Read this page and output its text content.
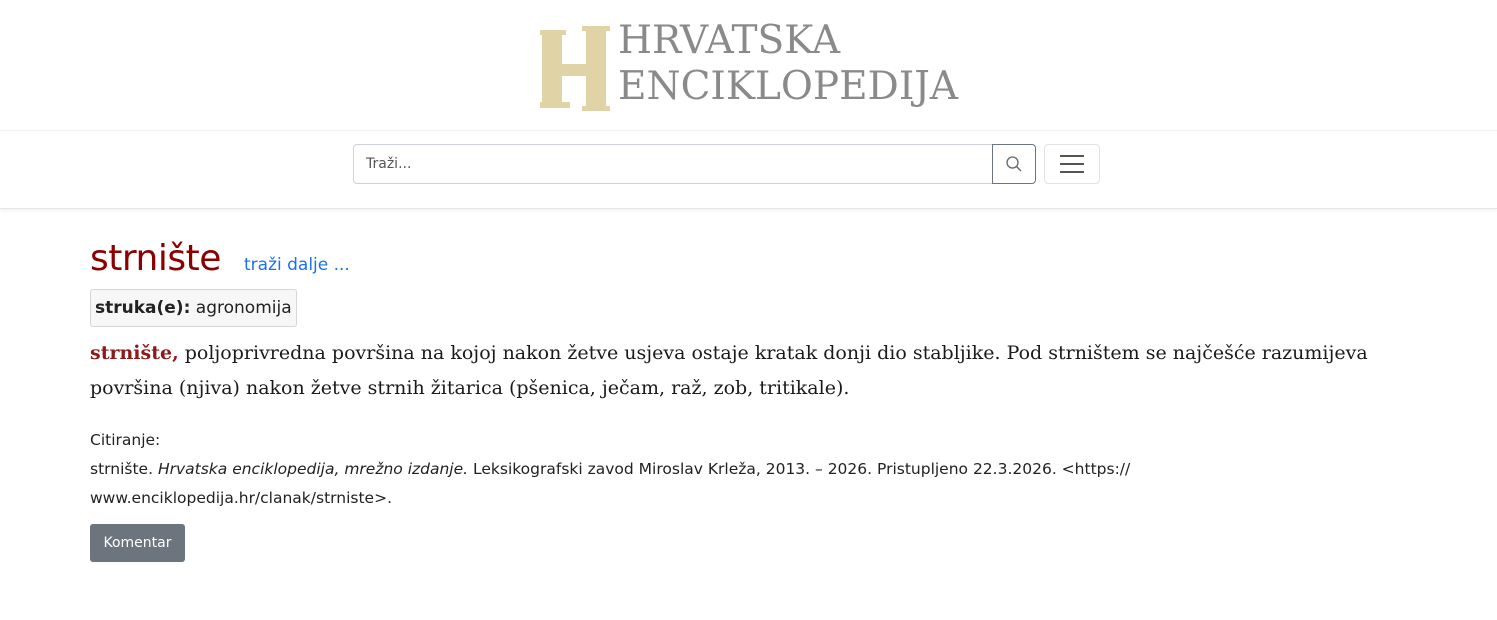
HRVATSKA
ENCIKLOPEDIJA
Traži...
strnište traži dalje ...
struka(e): agronomija

strnište, poljoprivredna površina na kojoj nakon žetve usjeva ostaje kratak donji dio stabljike. Pod strništem se najčešće razumijeva površina (njiva) nakon žetve strnih žitarica (pšenica, ječam, raž, zob, tritikale).

Citiranje:
strnište. Hrvatska enciklopedija, mrežno izdanje. Leksikografski zavod Miroslav Krleža, 2013. – 2026. Pristupljeno 22.3.2026. <https://
www.enciklopedija.hr/clanak/strniste>.
Komentar
